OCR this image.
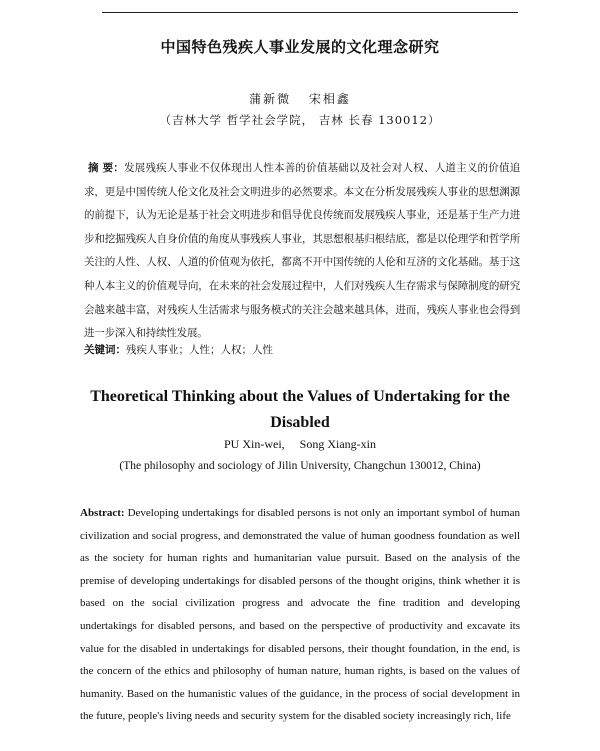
中国特色残疾人事业发展的文化理念研究
蒲新微 宋相鑫
（吉林大学 哲学社会学院， 吉林 长春 130012）
摘 要：发展残疾人事业不仅体现出人性本善的价值基础以及社会对人权、人道主义的价值追求，更是中国传统人伦文化及社会文明进步的必然要求。本文在分析发展残疾人事业的思想渊源的前提下，认为无论是基于社会文明进步和倡导优良传统而发展残疾人事业，还是基于生产力进步和挖掘残疾人自身价值的角度从事残疾人事业，其思想根基归根结底，都是以伦理学和哲学所关注的人性、人权、人道的价值观为依托，都离不开中国传统的人伦和互济的文化基础。基于这种人本主义的价值观导向，在未来的社会发展过程中，人们对残疾人生存需求与保障制度的研究会越来越丰富，对残疾人生活需求与服务模式的关注会越来越具体，进而，残疾人事业也会得到进一步深入和持续性发展。
关键词：残疾人事业；人性；人权；人性
Theoretical Thinking about the Values of Undertaking for the Disabled
PU Xin-wei, Song Xiang-xin
(The philosophy and sociology of Jilin University, Changchun 130012, China)
Abstract: Developing undertakings for disabled persons is not only an important symbol of human civilization and social progress, and demonstrated the value of human goodness foundation as well as the society for human rights and humanitarian value pursuit. Based on the analysis of the premise of developing undertakings for disabled persons of the thought origins, think whether it is based on the social civilization progress and advocate the fine tradition and developing undertakings for disabled persons, and based on the perspective of productivity and excavate its value for the disabled in undertakings for disabled persons, their thought foundation, in the end, is the concern of the ethics and philosophy of human nature, human rights, is based on the values of humanity. Based on the humanistic values of the guidance, in the process of social development in the future, people's living needs and security system for the disabled society increasingly rich, life
